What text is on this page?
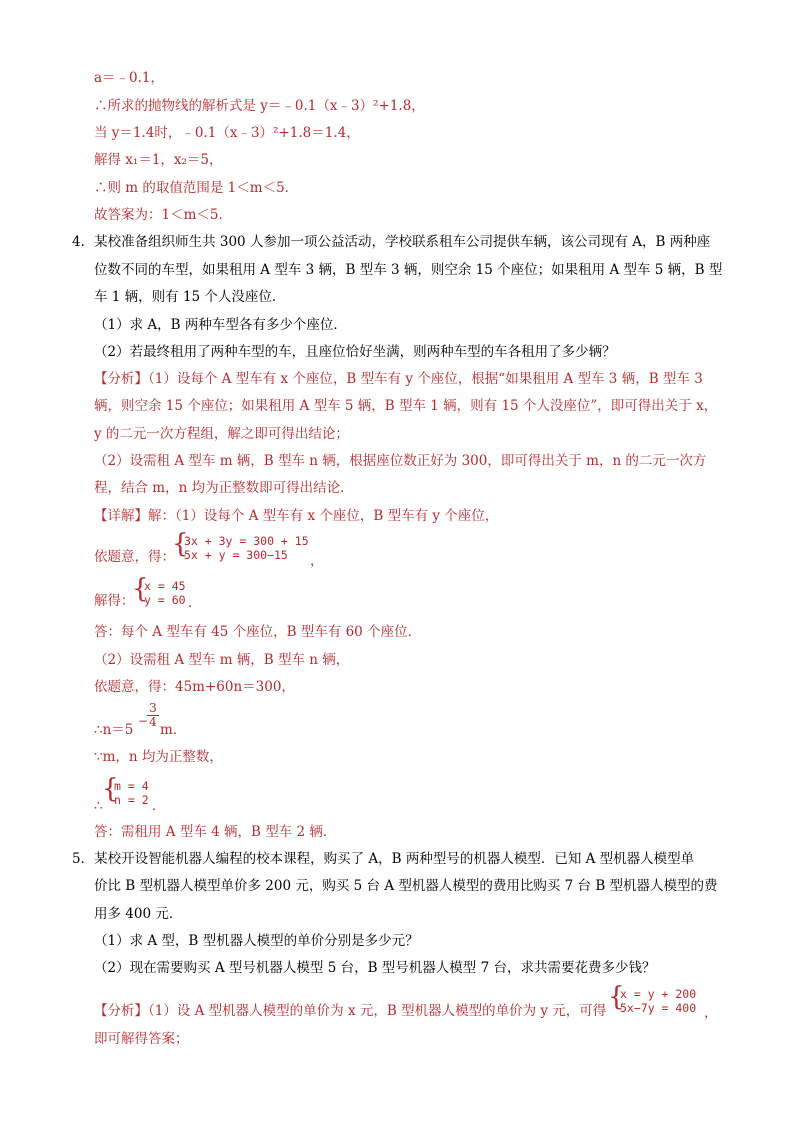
a＝﹣0.1，
∴所求的抛物线的解析式是 y＝﹣0.1（x﹣3）²+1.8，
当 y＝1.4时，﹣0.1（x﹣3）²+1.8＝1.4，
解得 x₁＝1，x₂＝5，
∴则 m 的取值范围是 1＜m＜5．
故答案为：1＜m＜5．
4．某校准备组织师生共 300 人参加一项公益活动，学校联系租车公司提供车辆，该公司现有 A，B 两种座
位数不同的车型，如果租用 A 型车 3 辆，B 型车 3 辆，则空余 15 个座位；如果租用 A 型车 5 辆，B 型
车 1 辆，则有 15 个人没座位．
（1）求 A，B 两种车型各有多少个座位．
（2）若最终租用了两种车型的车，且座位恰好坐满，则两种车型的车各租用了多少辆？
【分析】（1）设每个 A 型车有 x 个座位，B 型车有 y 个座位，根据“如果租用 A 型车 3 辆，B 型车 3
辆，则空余 15 个座位；如果租用 A 型车 5 辆，B 型车 1 辆，则有 15 个人没座位”，即可得出关于 x，
y 的二元一次方程组，解之即可得出结论；
（2）设需租 A 型车 m 辆，B 型车 n 辆，根据座位数正好为 300，即可得出关于 m，n 的二元一次方
程，结合 m，n 均为正整数即可得出结论．
【详解】解：（1）设每个 A 型车有 x 个座位，B 型车有 y 个座位，
依题意，得：
{
3x + 3y = 300 + 15
5x + y = 300−15 ，
解得：
{
x = 45
y = 60 ．
答：每个 A 型车有 45 个座位，B 型车有 60 个座位．
（2）设需租 A 型车 m 辆，B 型车 n 辆，
依题意，得：45m+60n＝300，
∴n＝5
−
3
4 m．
∵m，n 均为正整数，
∴
{
m = 4
n = 2 ．
答：需租用 A 型车 4 辆，B 型车 2 辆．
5．某校开设智能机器人编程的校本课程，购买了 A，B 两种型号的机器人模型．已知 A 型机器人模型单
价比 B 型机器人模型单价多 200 元，购买 5 台 A 型机器人模型的费用比购买 7 台 B 型机器人模型的费
用多 400 元．
（1）求 A 型，B 型机器人模型的单价分别是多少元？
（2）现在需要购买 A 型号机器人模型 5 台，B 型号机器人模型 7 台，求共需要花费多少钱？
【分析】（1）设 A 型机器人模型的单价为 x 元，B 型机器人模型的单价为 y 元，可得 {
x = y + 200
5x−7y = 400 ，
即可解得答案；
